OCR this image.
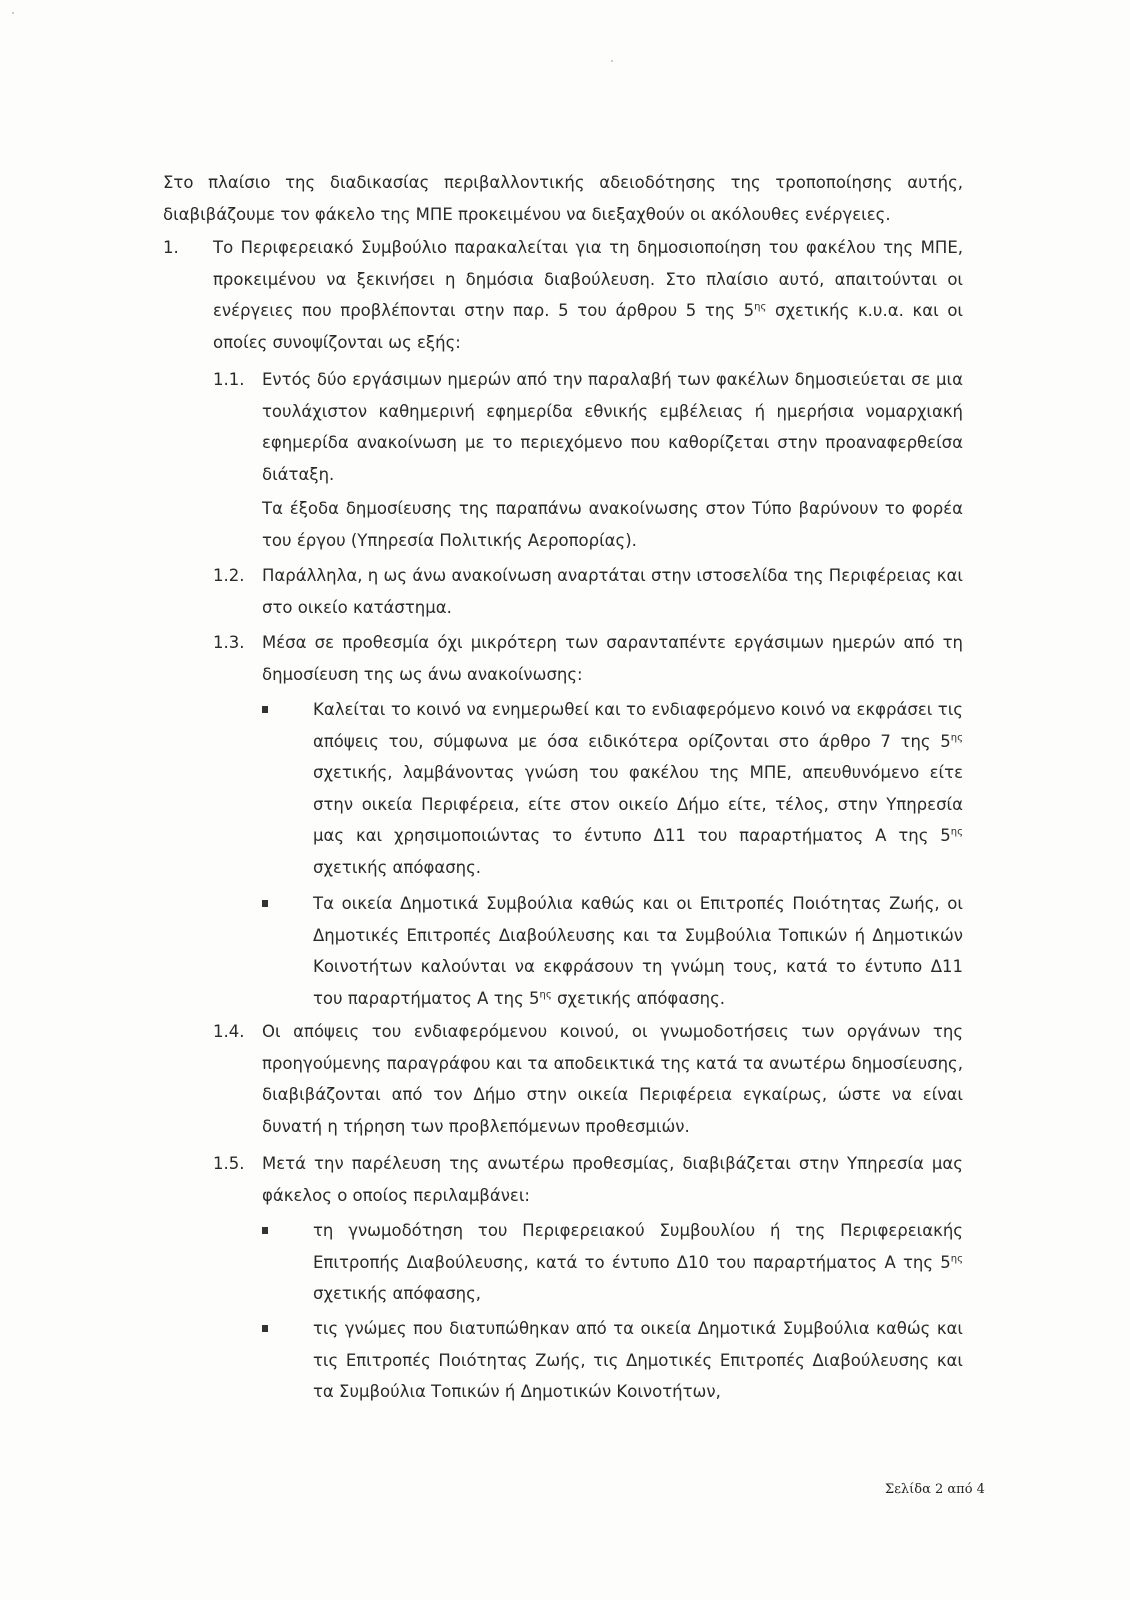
Στο πλαίσιο της διαδικασίας περιβαλλοντικής αδειοδότησης της τροποποίησης αυτής, διαβιβάζουμε τον φάκελο της ΜΠΕ προκειμένου να διεξαχθούν οι ακόλουθες ενέργειες.
1. Το Περιφερειακό Συμβούλιο παρακαλείται για τη δημοσιοποίηση του φακέλου της ΜΠΕ, προκειμένου να ξεκινήσει η δημόσια διαβούλευση. Στο πλαίσιο αυτό, απαιτούνται οι ενέργειες που προβλέπονται στην παρ. 5 του άρθρου 5 της $5^{\eta\varsigma}$ σχετικής κ.υ.α. και οι οποίες συνοψίζονται ως εξής:
1.1. Εντός δύο εργάσιμων ημερών από την παραλαβή των φακέλων δημοσιεύεται σε μια τουλάχιστον καθημερινή εφημερίδα εθνικής εμβέλειας ή ημερήσια νομαρχιακή εφημερίδα ανακοίνωση με το περιεχόμενο που καθορίζεται στην προαναφερθείσα διάταξη.
Τα έξοδα δημοσίευσης της παραπάνω ανακοίνωσης στον Τύπο βαρύνουν το φορέα του έργου (Υπηρεσία Πολιτικής Αεροπορίας).
1.2. Παράλληλα, η ως άνω ανακοίνωση αναρτάται στην ιστοσελίδα της Περιφέρειας και στο οικείο κατάστημα.
1.3. Μέσα σε προθεσμία όχι μικρότερη των σαρανταπέντε εργάσιμων ημερών από τη δημοσίευση της ως άνω ανακοίνωσης:
Καλείται το κοινό να ενημερωθεί και το ενδιαφερόμενο κοινό να εκφράσει τις απόψεις του, σύμφωνα με όσα ειδικότερα ορίζονται στο άρθρο 7 της $5^{\eta\varsigma}$ σχετικής, λαμβάνοντας γνώση του φακέλου της ΜΠΕ, απευθυνόμενο είτε στην οικεία Περιφέρεια, είτε στον οικείο Δήμο είτε, τέλος, στην Υπηρεσία μας και χρησιμοποιώντας το έντυπο Δ11 του παραρτήματος Α της $5^{\eta\varsigma}$ σχετικής απόφασης.
Τα οικεία Δημοτικά Συμβούλια καθώς και οι Επιτροπές Ποιότητας Ζωής, οι Δημοτικές Επιτροπές Διαβούλευσης και τα Συμβούλια Τοπικών ή Δημοτικών Κοινοτήτων καλούνται να εκφράσουν τη γνώμη τους, κατά το έντυπο Δ11 του παραρτήματος Α της $5^{\eta\varsigma}$ σχετικής απόφασης.
1.4. Οι απόψεις του ενδιαφερόμενου κοινού, οι γνωμοδοτήσεις των οργάνων της προηγούμενης παραγράφου και τα αποδεικτικά της κατά τα ανωτέρω δημοσίευσης, διαβιβάζονται από τον Δήμο στην οικεία Περιφέρεια εγκαίρως, ώστε να είναι δυνατή η τήρηση των προβλεπόμενων προθεσμιών.
1.5. Μετά την παρέλευση της ανωτέρω προθεσμίας, διαβιβάζεται στην Υπηρεσία μας φάκελος ο οποίος περιλαμβάνει:
τη γνωμοδότηση του Περιφερειακού Συμβουλίου ή της Περιφερειακής Επιτροπής Διαβούλευσης, κατά το έντυπο Δ10 του παραρτήματος Α της $5^{\eta\varsigma}$ σχετικής απόφασης,
τις γνώμες που διατυπώθηκαν από τα οικεία Δημοτικά Συμβούλια καθώς και τις Επιτροπές Ποιότητας Ζωής, τις Δημοτικές Επιτροπές Διαβούλευσης και τα Συμβούλια Τοπικών ή Δημοτικών Κοινοτήτων,
Σελίδα 2 από 4
